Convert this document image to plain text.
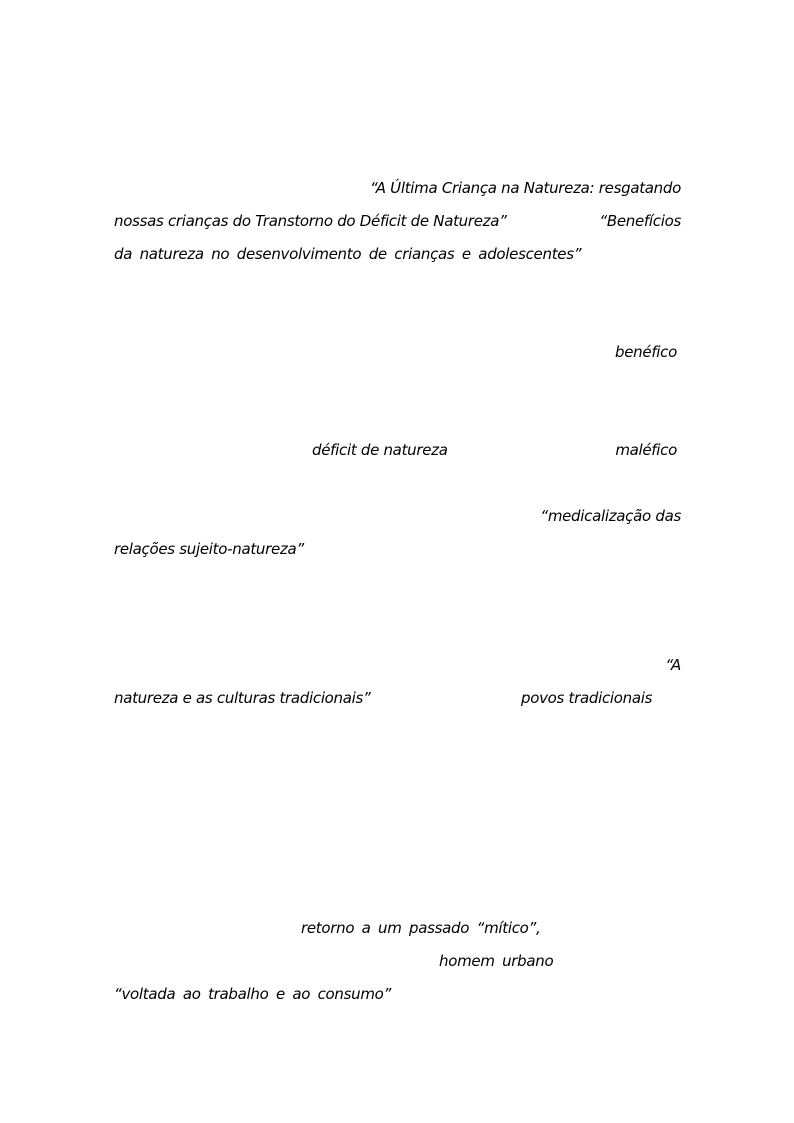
“A Última Criança na Natureza: resgatando
nossas crianças do Transtorno do Déficit de Natureza”	“Benefícios
da natureza no desenvolvimento de crianças e adolescentes”
benéfico
déficit de natureza	maléfico
“medicalização das
relações sujeito-natureza”
“A
natureza e as culturas tradicionais”	povos tradicionais
retorno a um passado “mítico”,
homem urbano
“voltada ao trabalho e ao consumo”
